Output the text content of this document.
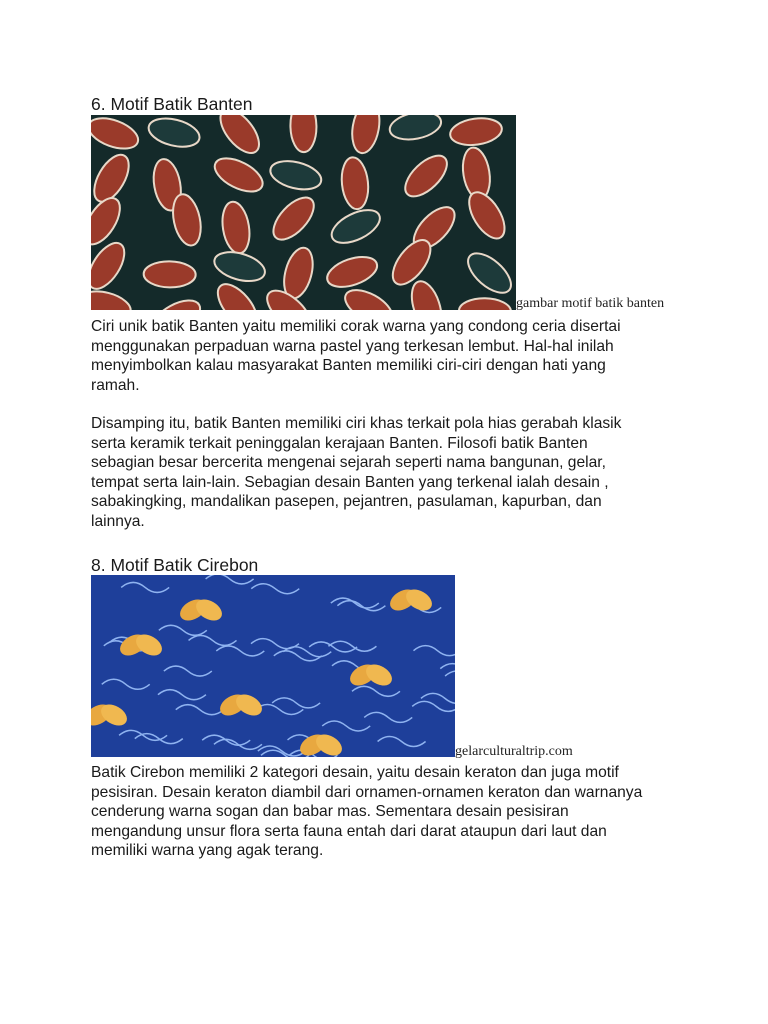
6. Motif Batik Banten
gambar motif batik banten
Ciri unik batik Banten yaitu memiliki corak warna yang condong ceria disertai
menggunakan perpaduan warna pastel yang terkesan lembut. Hal-hal inilah
menyimbolkan kalau masyarakat Banten memiliki ciri-ciri dengan hati yang
ramah.
Disamping itu, batik Banten memiliki ciri khas terkait pola hias gerabah klasik
serta keramik terkait peninggalan kerajaan Banten. Filosofi batik Banten
sebagian besar bercerita mengenai sejarah seperti nama bangunan, gelar,
tempat serta lain-lain. Sebagian desain Banten yang terkenal ialah desain ,
sabakingking, mandalikan pasepen, pejantren, pasulaman, kapurban, dan
lainnya.
8. Motif Batik Cirebon
gelarculturaltrip.com
Batik Cirebon memiliki 2 kategori desain, yaitu desain keraton dan juga motif
pesisiran. Desain keraton diambil dari ornamen-ornamen keraton dan warnanya
cenderung warna sogan dan babar mas. Sementara desain pesisiran
mengandung unsur flora serta fauna entah dari darat ataupun dari laut dan
memiliki warna yang agak terang.
